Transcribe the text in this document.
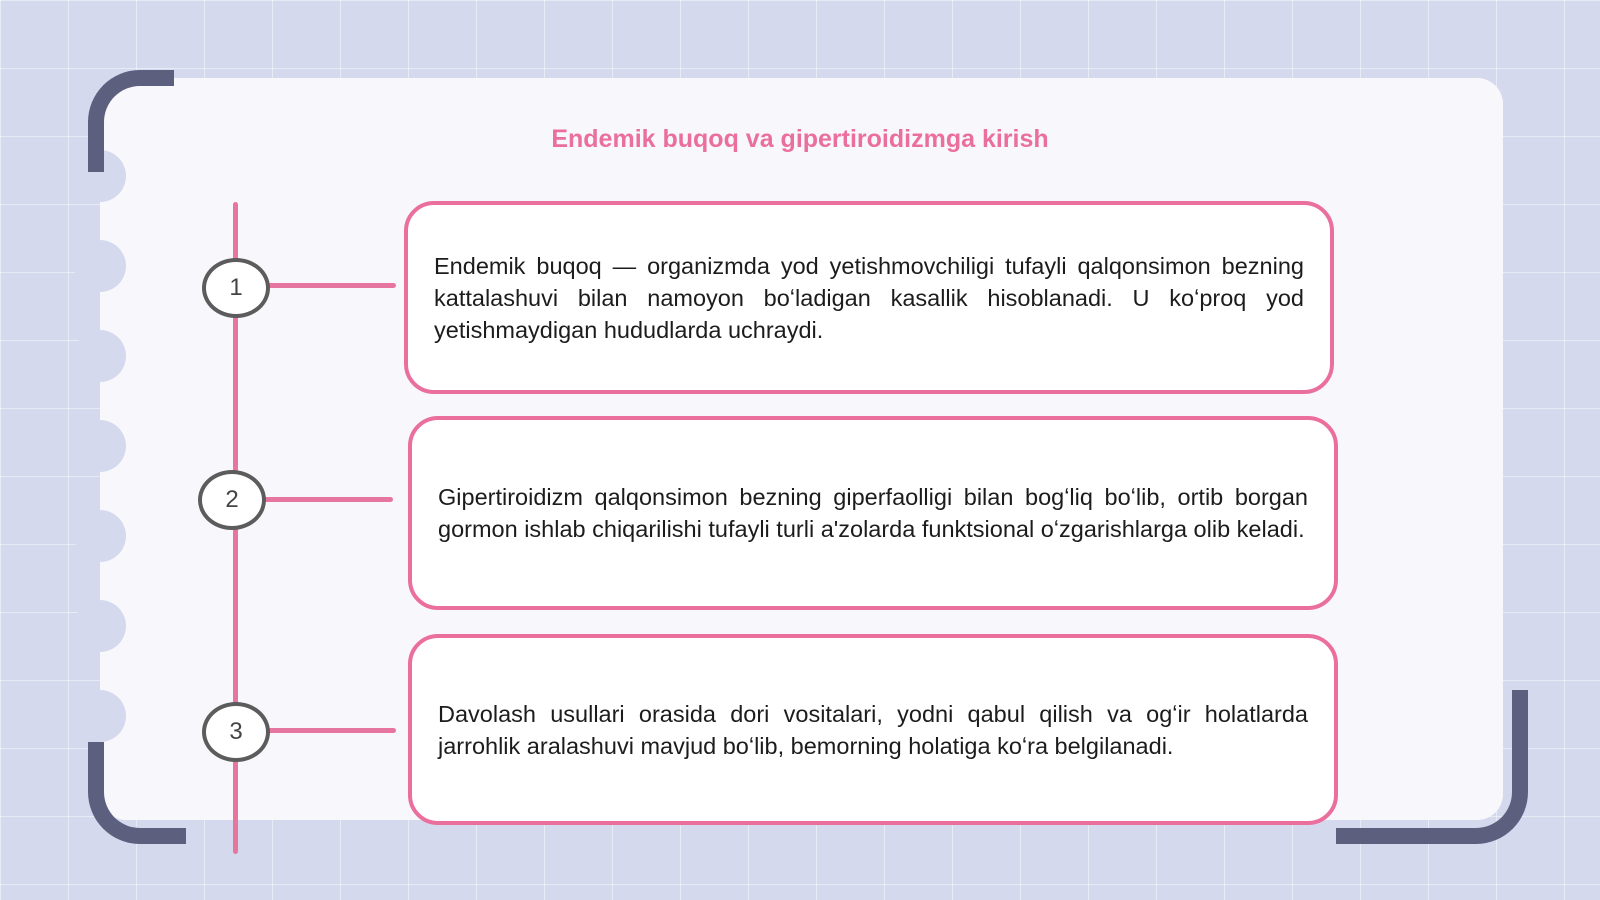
Endemik buqoq va gipertiroidizmga kirish
1
2
3

Endemik buqoq — organizmda yod yetishmovchiligi tufayli qalqonsimon bezning kattalashuvi bilan namoyon boʻladigan kasallik hisoblanadi. U koʻproq yod yetishmaydigan hududlarda uchraydi.

Gipertiroidizm qalqonsimon bezning giperfaolligi bilan bogʻliq boʻlib, ortib borgan gormon ishlab chiqarilishi tufayli turli a'zolarda funktsional oʻzgarishlarga olib keladi.

Davolash usullari orasida dori vositalari, yodni qabul qilish va ogʻir holatlarda jarrohlik aralashuvi mavjud boʻlib, bemorning holatiga koʻra belgilanadi.
